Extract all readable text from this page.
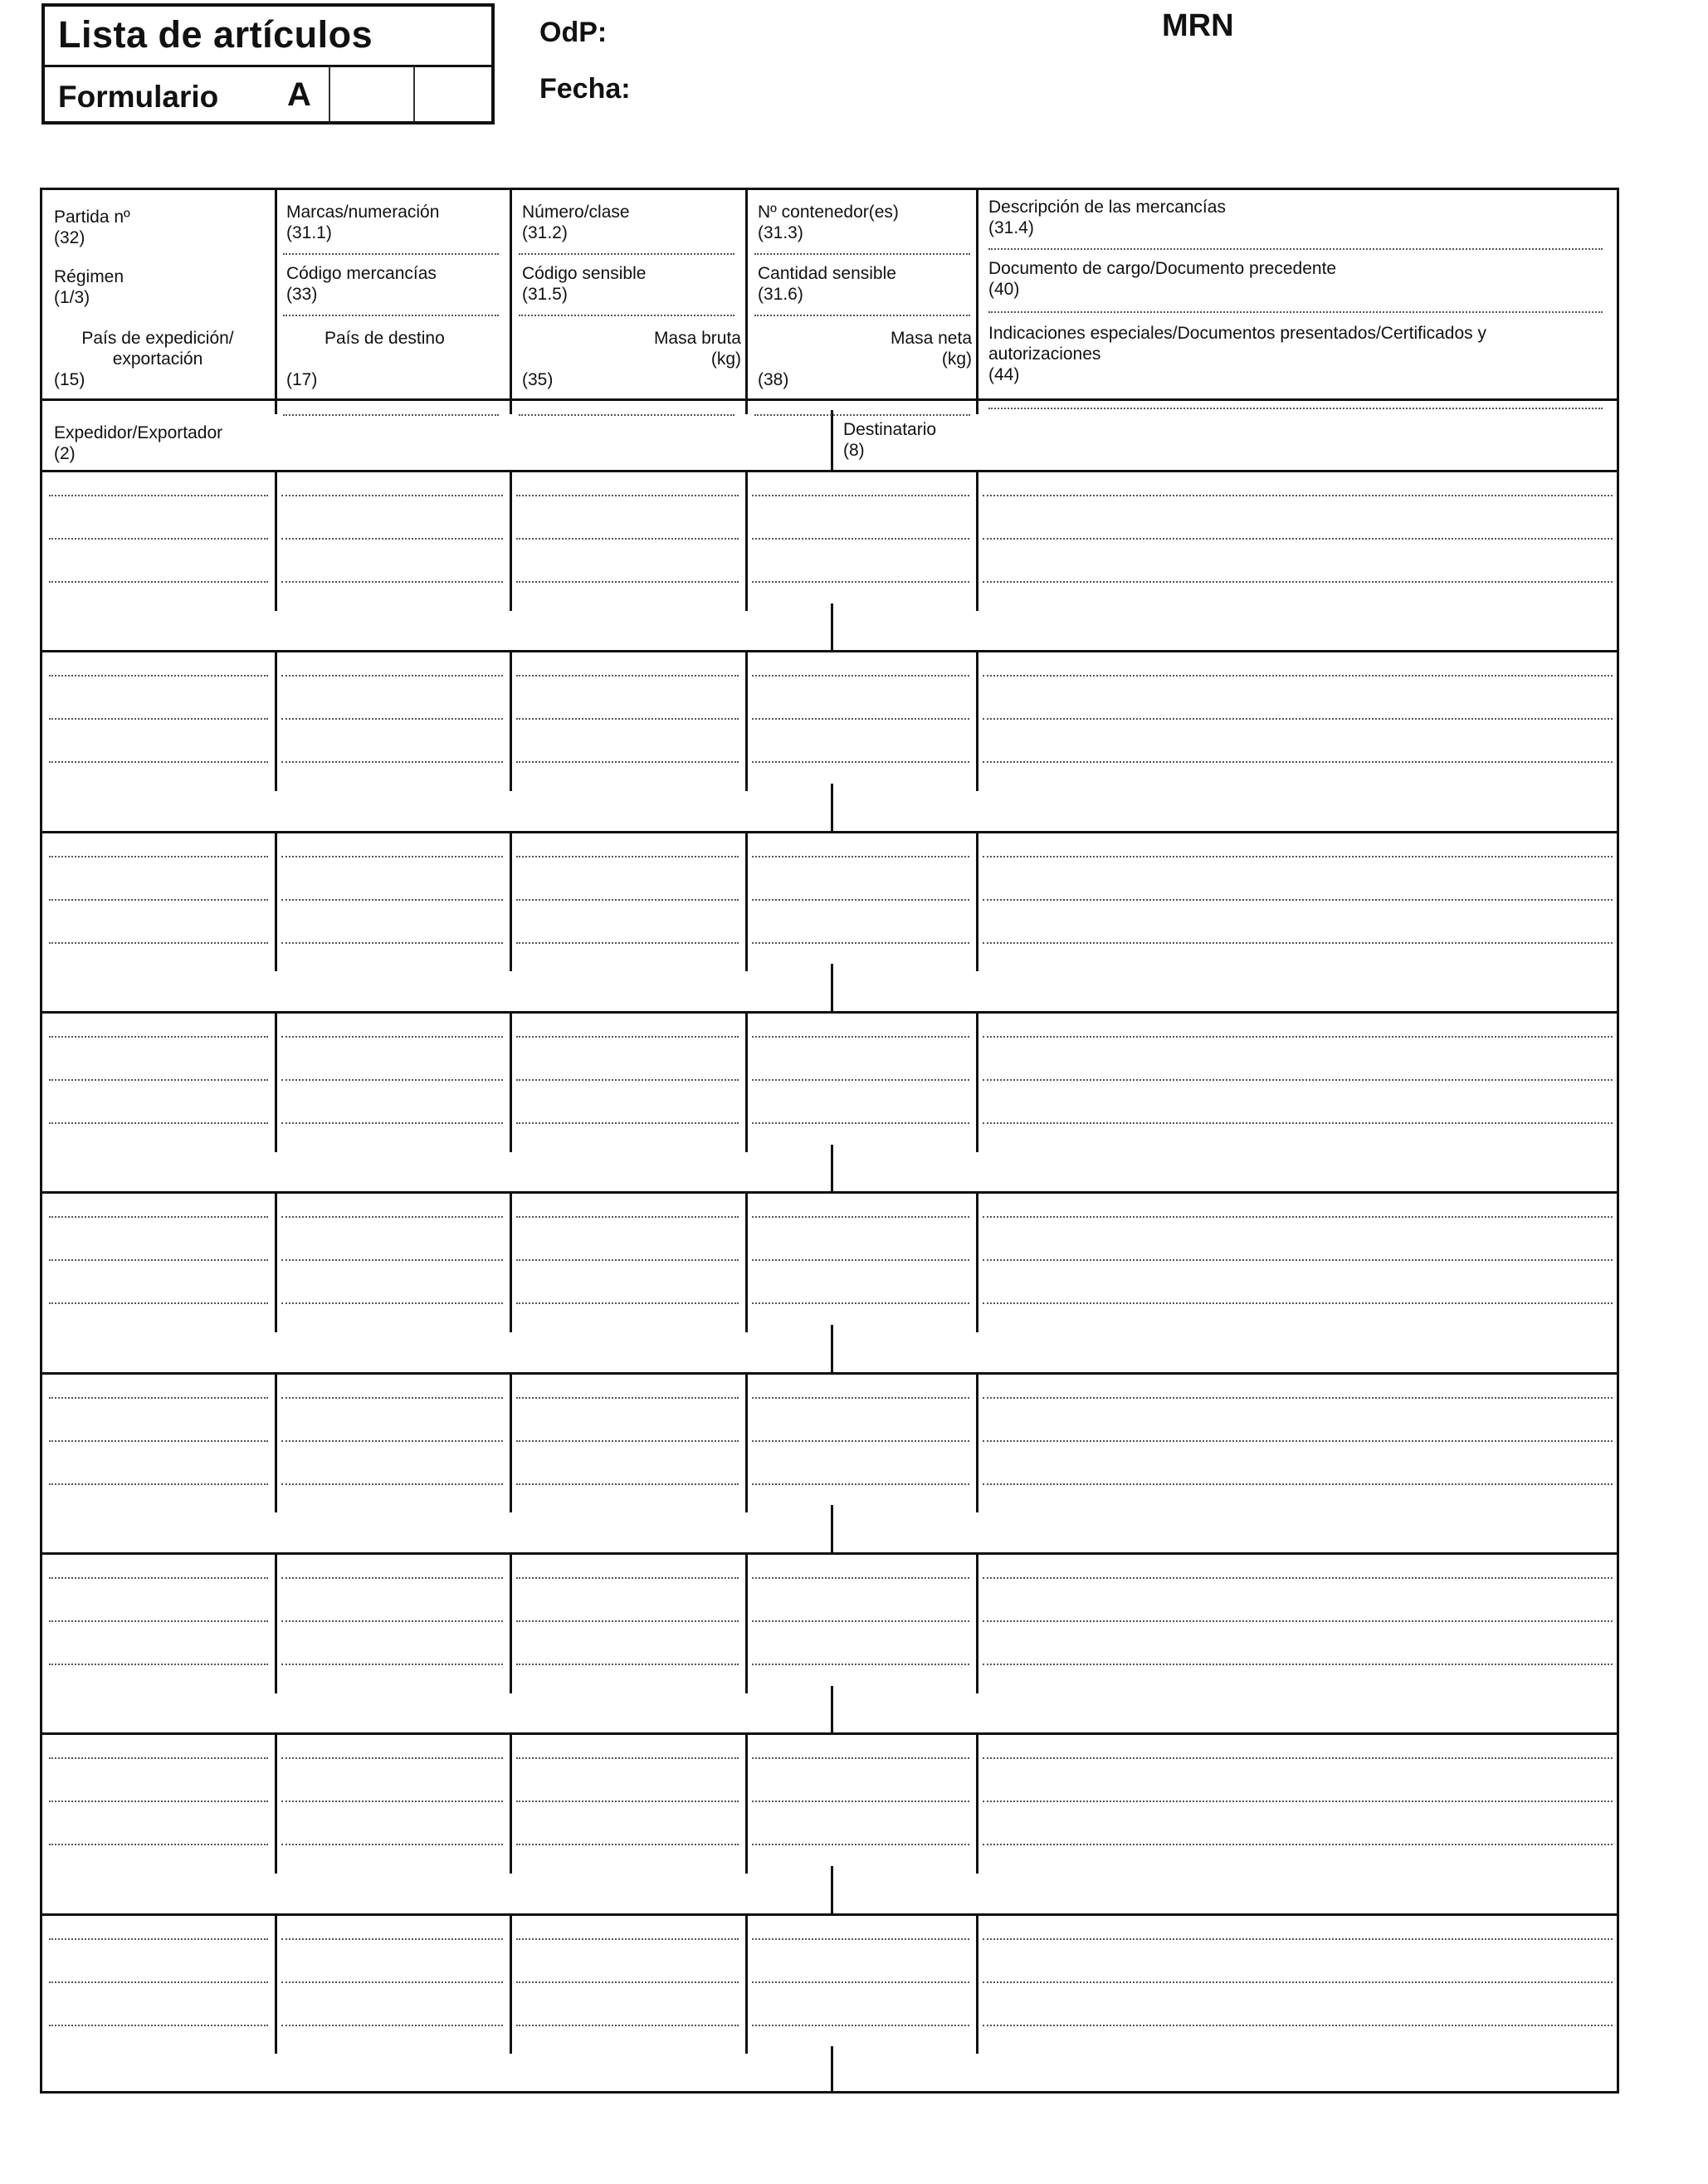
Lista de artículos
Formulario A
OdP:
Fecha:
MRN
Partida nº
(32)
Marcas/numeración
(31.1)
Número/clase
(31.2)
Nº contenedor(es)
(31.3)
Descripción de las mercancías
(31.4)
Régimen
(1/3)
Código mercancías
(33)
Código sensible
(31.5)
Cantidad sensible
(31.6)
Documento de cargo/Documento precedente
(40)
País de expedición/ exportación
(15)
País de destino
(17)
Masa bruta
(kg)
(35)
Masa neta
(kg)
(38)
Indicaciones especiales/Documentos presentados/Certificados y autorizaciones
(44)
Expedidor/Exportador
(2)
Destinatario
(8)
